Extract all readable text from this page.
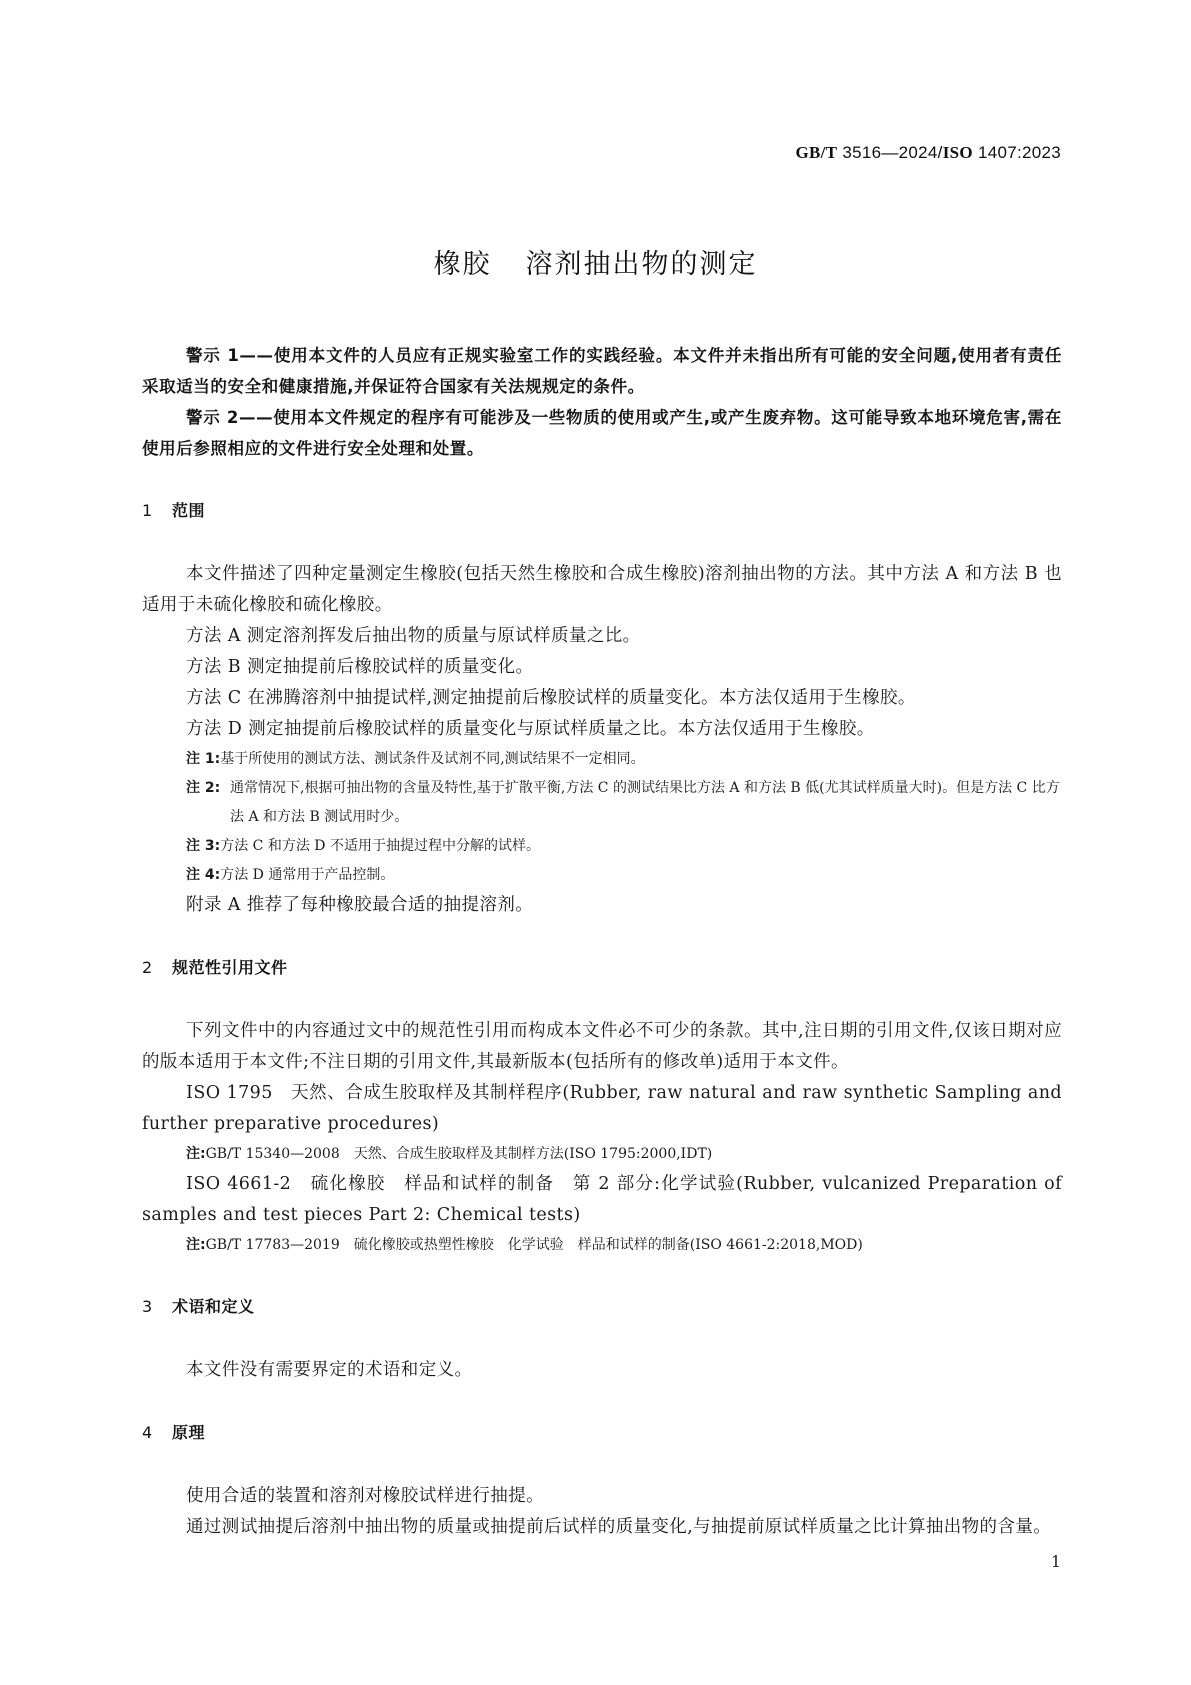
GB/T 3516—2024/ISO 1407:2023
橡胶 溶剂抽出物的测定

警示 1——使用本文件的人员应有正规实验室工作的实践经验。本文件并未指出所有可能的安全问题,使用者有责任采取适当的安全和健康措施,并保证符合国家有关法规规定的条件。

警示 2——使用本文件规定的程序有可能涉及一些物质的使用或产生,或产生废弃物。这可能导致本地环境危害,需在使用后参照相应的文件进行安全处理和处置。

1 范围

本文件描述了四种定量测定生橡胶(包括天然生橡胶和合成生橡胶)溶剂抽出物的方法。其中方法 A 和方法 B 也适用于未硫化橡胶和硫化橡胶。

方法 A 测定溶剂挥发后抽出物的质量与原试样质量之比。

方法 B 测定抽提前后橡胶试样的质量变化。

方法 C 在沸腾溶剂中抽提试样,测定抽提前后橡胶试样的质量变化。本方法仅适用于生橡胶。

方法 D 测定抽提前后橡胶试样的质量变化与原试样质量之比。本方法仅适用于生橡胶。

注 1:基于所使用的测试方法、测试条件及试剂不同,测试结果不一定相同。

注 2: 通常情况下,根据可抽出物的含量及特性,基于扩散平衡,方法 C 的测试结果比方法 A 和方法 B 低(尤其试样质量大时)。但是方法 C 比方法 A 和方法 B 测试用时少。

注 3:方法 C 和方法 D 不适用于抽提过程中分解的试样。

注 4:方法 D 通常用于产品控制。

附录 A 推荐了每种橡胶最合适的抽提溶剂。

2 规范性引用文件

下列文件中的内容通过文中的规范性引用而构成本文件必不可少的条款。其中,注日期的引用文件,仅该日期对应的版本适用于本文件;不注日期的引用文件,其最新版本(包括所有的修改单)适用于本文件。

ISO 1795　天然、合成生胶取样及其制样程序(Rubber, raw natural and raw synthetic Sampling and further preparative procedures)

注:GB/T 15340—2008　天然、合成生胶取样及其制样方法(ISO 1795:2000,IDT)

ISO 4661-2　硫化橡胶　样品和试样的制备　第 2 部分:化学试验(Rubber, vulcanized Preparation of samples and test pieces Part 2: Chemical tests)

注:GB/T 17783—2019　硫化橡胶或热塑性橡胶　化学试验　样品和试样的制备(ISO 4661-2:2018,MOD)

3 术语和定义

本文件没有需要界定的术语和定义。

4 原理

使用合适的装置和溶剂对橡胶试样进行抽提。

通过测试抽提后溶剂中抽出物的质量或抽提前后试样的质量变化,与抽提前原试样质量之比计算抽出物的含量。

1
